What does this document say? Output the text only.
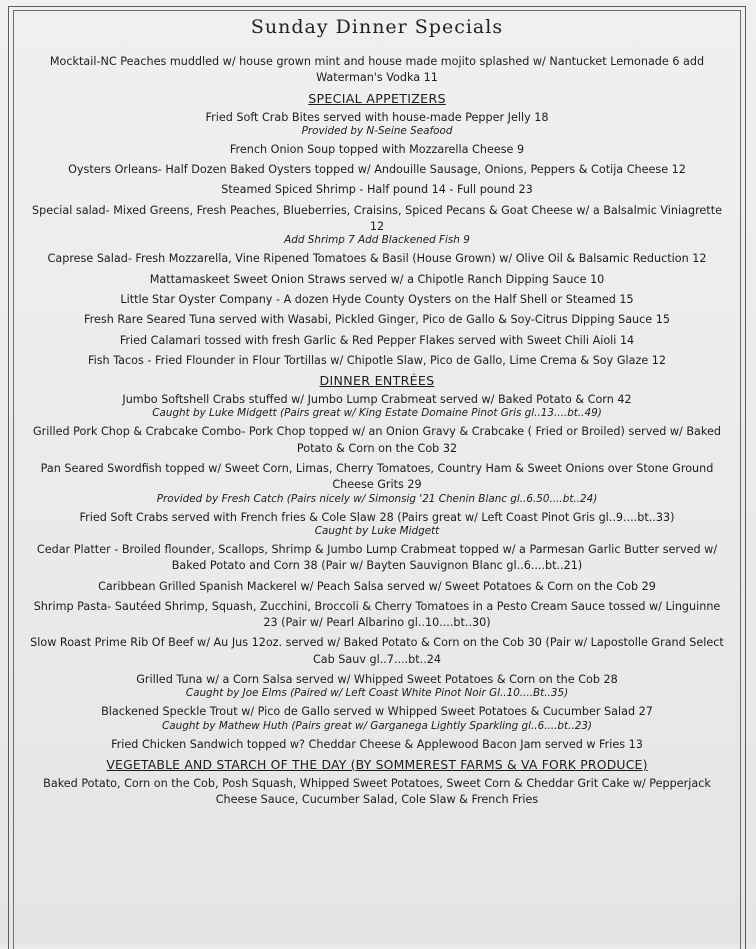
Sunday Dinner Specials
Mocktail-NC Peaches muddled w/ house grown mint and house made mojito splashed w/ Nantucket Lemonade 6 add Waterman's Vodka 11
SPECIAL APPETIZERS
Fried Soft Crab Bites served with house-made Pepper Jelly 18
Provided by N-Seine Seafood
French Onion Soup topped with Mozzarella Cheese 9
Oysters Orleans- Half Dozen Baked Oysters topped w/ Andouille Sausage, Onions, Peppers & Cotija Cheese 12
Steamed Spiced Shrimp - Half pound 14 - Full pound 23
Special salad- Mixed Greens, Fresh Peaches, Blueberries, Craisins, Spiced Pecans & Goat Cheese w/ a Balsalmic Viniagrette 12
Add Shrimp 7 Add Blackened Fish 9
Caprese Salad- Fresh Mozzarella, Vine Ripened Tomatoes & Basil (House Grown) w/ Olive Oil & Balsamic Reduction 12
Mattamaskeet Sweet Onion Straws served w/ a Chipotle Ranch Dipping Sauce 10
Little Star Oyster Company - A dozen Hyde County Oysters on the Half Shell or Steamed 15
Fresh Rare Seared Tuna served with Wasabi, Pickled Ginger, Pico de Gallo & Soy-Citrus Dipping Sauce 15
Fried Calamari tossed with fresh Garlic & Red Pepper Flakes served with Sweet Chili Aioli 14
Fish Tacos - Fried Flounder in Flour Tortillas w/ Chipotle Slaw, Pico de Gallo, Lime Crema & Soy Glaze 12
DINNER ENTRÉES
Jumbo Softshell Crabs stuffed w/ Jumbo Lump Crabmeat served w/ Baked Potato & Corn 42
Caught by Luke Midgett (Pairs great w/ King Estate Domaine Pinot Gris gl..13....bt..49)
Grilled Pork Chop & Crabcake Combo- Pork Chop topped w/ an Onion Gravy & Crabcake ( Fried or Broiled) served w/ Baked Potato & Corn on the Cob 32
Pan Seared Swordfish topped w/ Sweet Corn, Limas, Cherry Tomatoes, Country Ham & Sweet Onions over Stone Ground Cheese Grits 29
Provided by Fresh Catch (Pairs nicely w/ Simonsig '21 Chenin Blanc gl..6.50....bt..24)
Fried Soft Crabs served with French fries & Cole Slaw 28 (Pairs great w/ Left Coast Pinot Gris gl..9....bt..33)
Caught by Luke Midgett
Cedar Platter - Broiled flounder, Scallops, Shrimp & Jumbo Lump Crabmeat topped w/ a Parmesan Garlic Butter served w/ Baked Potato and Corn 38 (Pair w/ Bayten Sauvignon Blanc gl..6....bt..21)
Caribbean Grilled Spanish Mackerel w/ Peach Salsa served w/ Sweet Potatoes & Corn on the Cob 29
Shrimp Pasta- Sautéed Shrimp, Squash, Zucchini, Broccoli & Cherry Tomatoes in a Pesto Cream Sauce tossed w/ Linguinne 23 (Pair w/ Pearl Albarino gl..10....bt..30)
Slow Roast Prime Rib Of Beef w/ Au Jus 12oz. served w/ Baked Potato & Corn on the Cob 30 (Pair w/ Lapostolle Grand Select Cab Sauv gl..7....bt..24
Grilled Tuna w/ a Corn Salsa served w/ Whipped Sweet Potatoes & Corn on the Cob 28
Caught by Joe Elms (Paired w/ Left Coast White Pinot Noir Gl..10....Bt..35)
Blackened Speckle Trout w/ Pico de Gallo served w Whipped Sweet Potatoes & Cucumber Salad 27
Caught by Mathew Huth (Pairs great w/ Garganega Lightly Sparkling gl..6....bt..23)
Fried Chicken Sandwich topped w? Cheddar Cheese & Applewood Bacon Jam served w Fries 13
VEGETABLE AND STARCH OF THE DAY (BY SOMMEREST FARMS & VA FORK PRODUCE)
Baked Potato, Corn on the Cob, Posh Squash, Whipped Sweet Potatoes, Sweet Corn & Cheddar Grit Cake w/ Pepperjack Cheese Sauce, Cucumber Salad, Cole Slaw & French Fries
